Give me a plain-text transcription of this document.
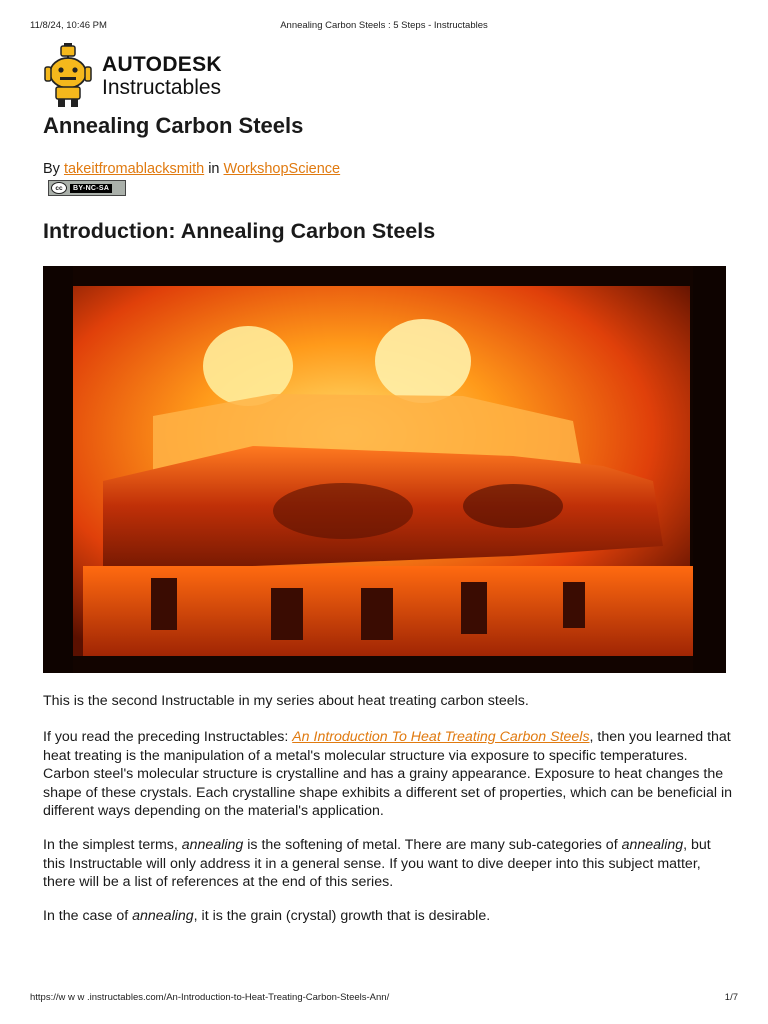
11/8/24, 10:46 PM	Annealing Carbon Steels : 5 Steps - Instructables
AUTODESK
Instructables
Annealing Carbon Steels
By takeitfromablacksmith in WorkshopScience
cc	BY-NC-SA
Introduction: Annealing Carbon Steels

This is the second Instructable in my series about heat treating carbon steels.

If you read the preceding Instructables: An Introduction To Heat Treating Carbon Steels, then you learned that heat treating is the manipulation of a metal's molecular structure via exposure to specific temperatures. Carbon steel's molecular structure is crystalline and has a grainy appearance. Exposure to heat changes the shape of these crystals. Each crystalline shape exhibits a different set of properties, which can be beneficial in different ways depending on the material's application.

In the simplest terms, annealing is the softening of metal. There are many sub-categories of annealing, but this Instructable will only address it in a general sense. If you want to dive deeper into this subject matter, there will be a list of references at the end of this series.

In the case of annealing, it is the grain (crystal) growth that is desirable.

https://w w w .instructables.com/An-Introduction-to-Heat-Treating-Carbon-Steels-Ann/	1/7
